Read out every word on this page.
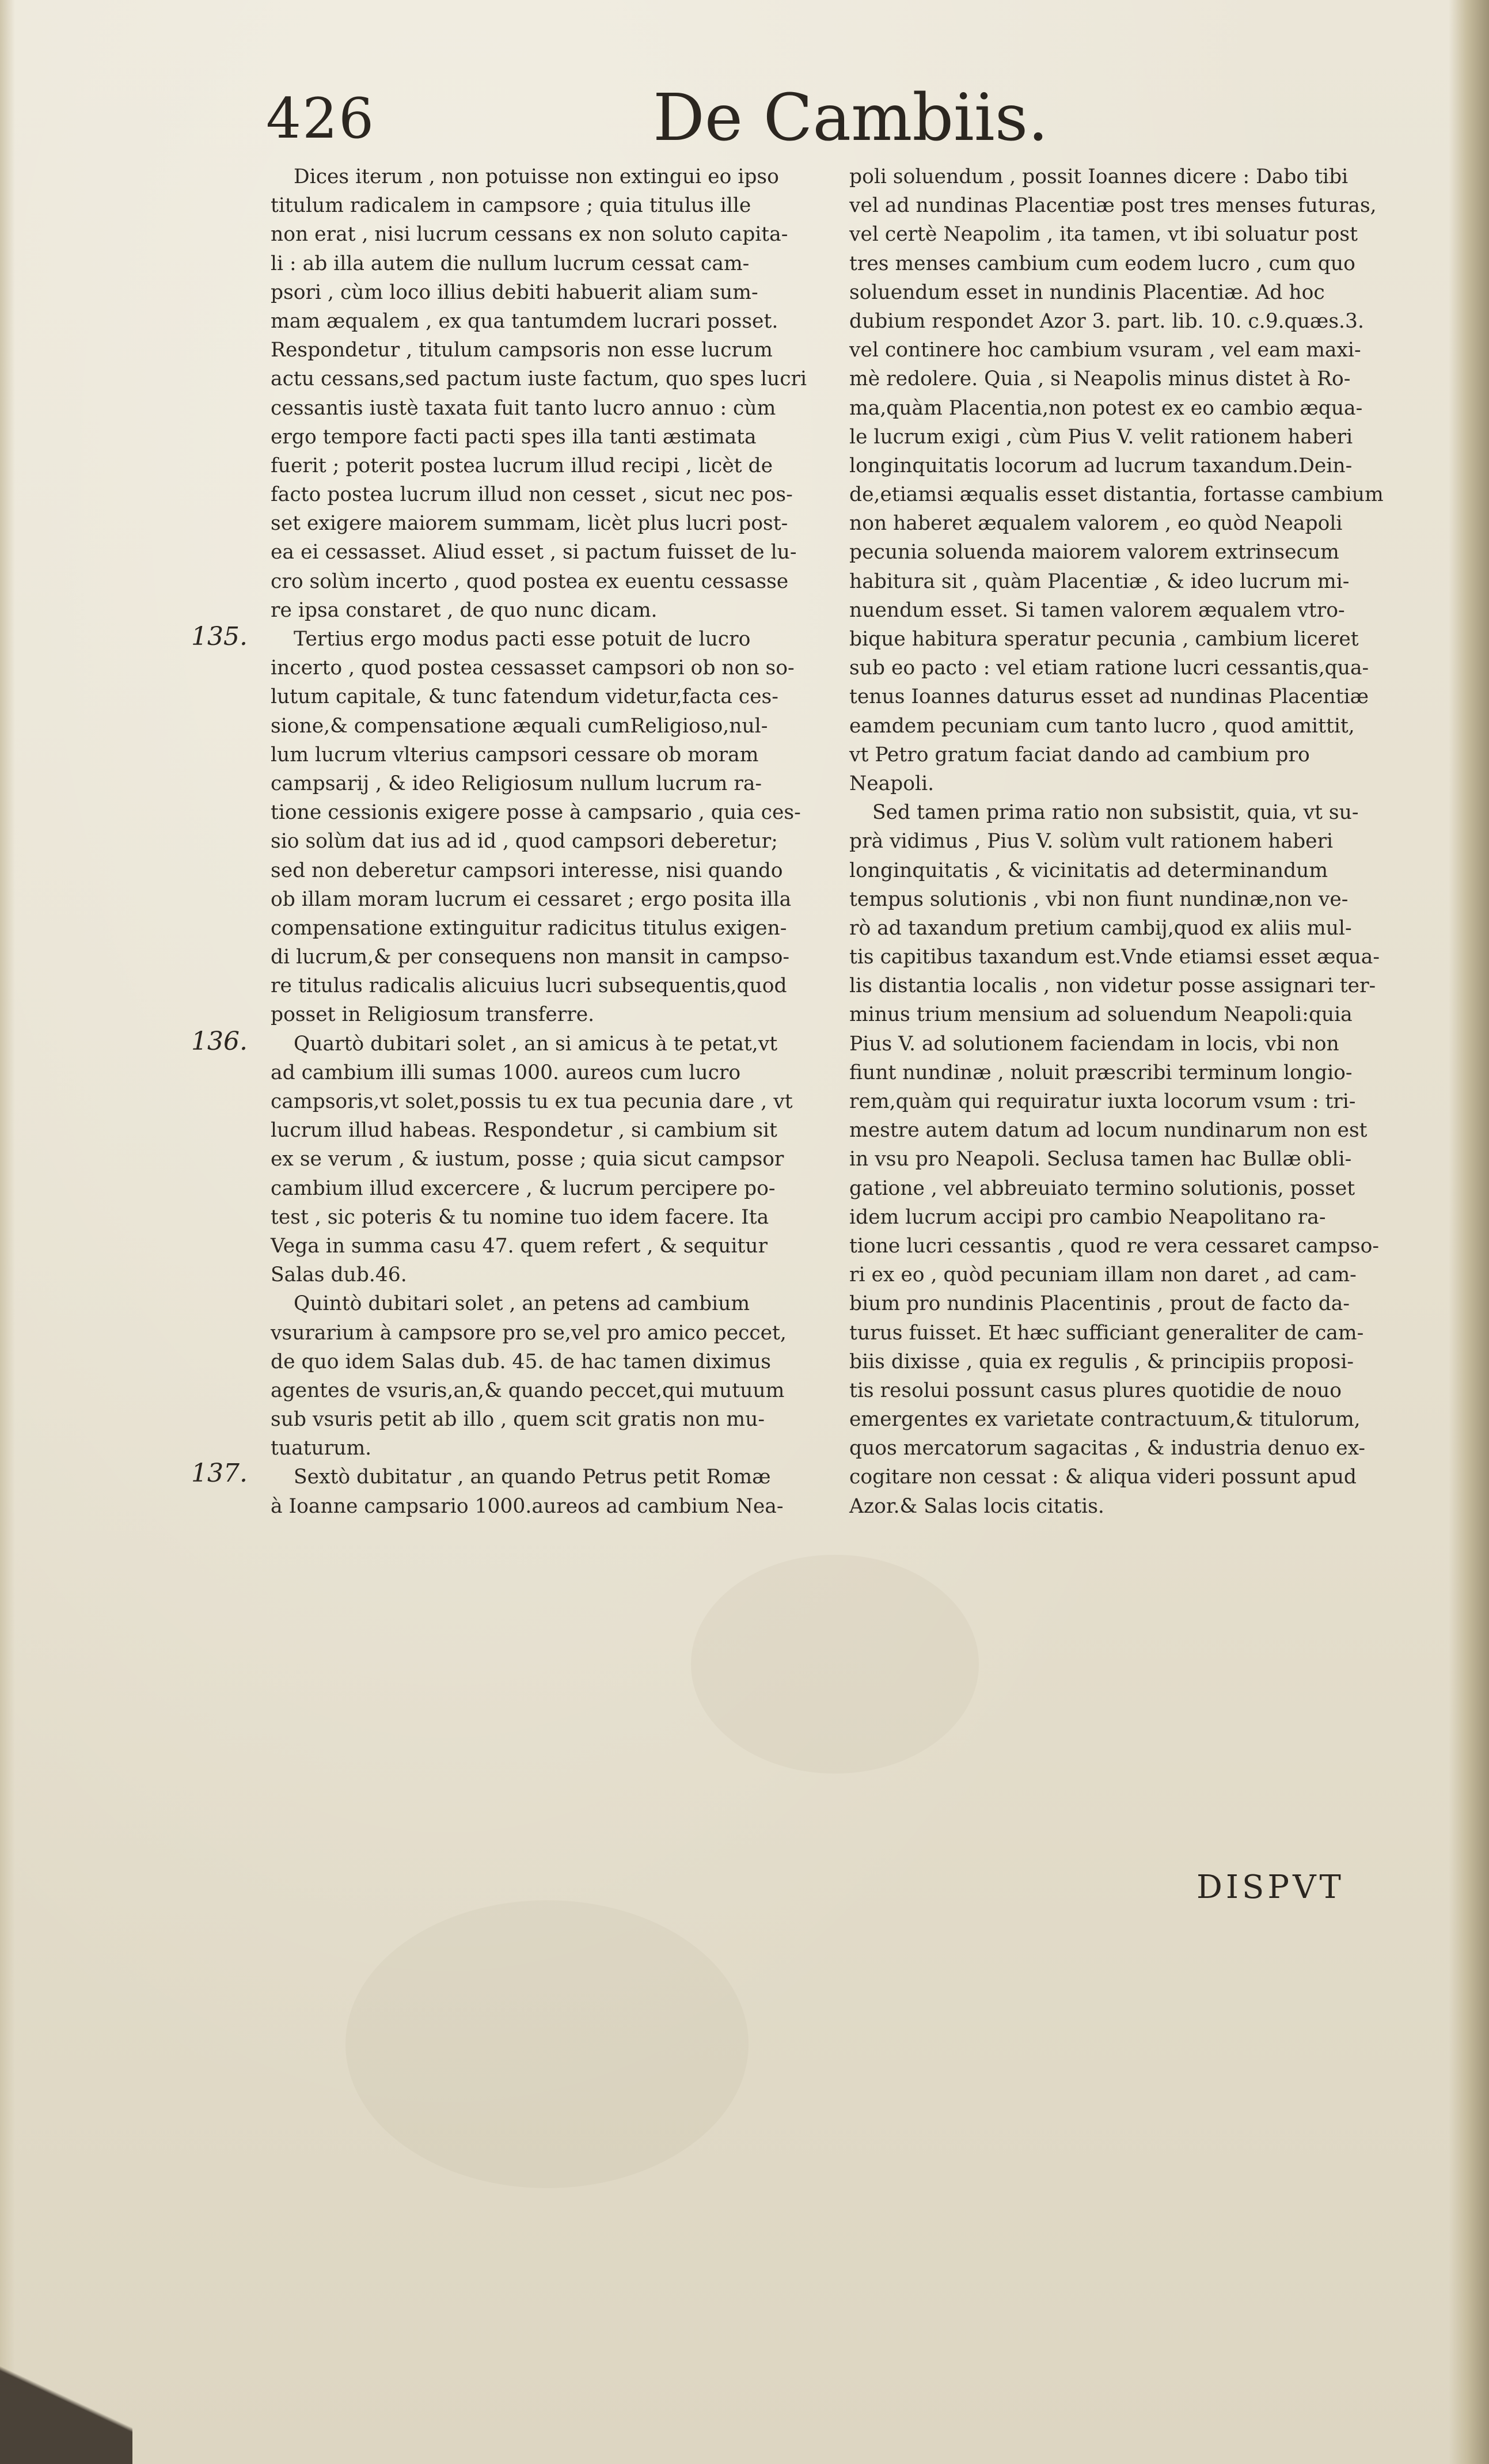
426	De Cambiis.
135.
136.
137.
Dices iterum , non potuisse non extingui eo ipso
titulum radicalem in campsore ; quia titulus ille
non erat , nisi lucrum cessans ex non soluto capita-
li : ab illa autem die nullum lucrum cessat cam-
psori , cùm loco illius debiti habuerit aliam sum-
mam æqualem , ex qua tantumdem lucrari posset.
Respondetur , titulum campsoris non esse lucrum
actu cessans,sed pactum iuste factum, quo spes lucri
cessantis iustè taxata fuit tanto lucro annuo : cùm
ergo tempore facti pacti spes illa tanti æstimata
fuerit ; poterit postea lucrum illud recipi , licèt de
facto postea lucrum illud non cesset , sicut nec pos-
set exigere maiorem summam, licèt plus lucri post-
ea ei cessasset. Aliud esset , si pactum fuisset de lu-
cro solùm incerto , quod postea ex euentu cessasse
re ipsa constaret , de quo nunc dicam.
Tertius ergo modus pacti esse potuit de lucro
incerto , quod postea cessasset campsori ob non so-
lutum capitale, & tunc fatendum videtur,facta ces-
sione,& compensatione æquali cumReligioso,nul-
lum lucrum vlterius campsori cessare ob moram
campsarij , & ideo Religiosum nullum lucrum ra-
tione cessionis exigere posse à campsario , quia ces-
sio solùm dat ius ad id , quod campsori deberetur;
sed non deberetur campsori interesse, nisi quando
ob illam moram lucrum ei cessaret ; ergo posita illa
compensatione extinguitur radicitus titulus exigen-
di lucrum,& per consequens non mansit in campso-
re titulus radicalis alicuius lucri subsequentis,quod
posset in Religiosum transferre.
Quartò dubitari solet , an si amicus à te petat,vt
ad cambium illi sumas 1000. aureos cum lucro
campsoris,vt solet,possis tu ex tua pecunia dare , vt
lucrum illud habeas. Respondetur , si cambium sit
ex se verum , & iustum, posse ; quia sicut campsor
cambium illud excercere , & lucrum percipere po-
test , sic poteris & tu nomine tuo idem facere. Ita
Vega in summa casu 47. quem refert , & sequitur
Salas dub.46.
Quintò dubitari solet , an petens ad cambium
vsurarium à campsore pro se,vel pro amico peccet,
de quo idem Salas dub. 45. de hac tamen diximus
agentes de vsuris,an,& quando peccet,qui mutuum
sub vsuris petit ab illo , quem scit gratis non mu-
tuaturum.
Sextò dubitatur , an quando Petrus petit Romæ
à Ioanne campsario 1000.aureos ad cambium Nea-
poli soluendum , possit Ioannes dicere : Dabo tibi
vel ad nundinas Placentiæ post tres menses futuras,
vel certè Neapolim , ita tamen, vt ibi soluatur post
tres menses cambium cum eodem lucro , cum quo
soluendum esset in nundinis Placentiæ. Ad hoc
dubium respondet Azor 3. part. lib. 10. c.9.quæs.3.
vel continere hoc cambium vsuram , vel eam maxi-
mè redolere. Quia , si Neapolis minus distet à Ro-
ma,quàm Placentia,non potest ex eo cambio æqua-
le lucrum exigi , cùm Pius V. velit rationem haberi
longinquitatis locorum ad lucrum taxandum.Dein-
de,etiamsi æqualis esset distantia, fortasse cambium
non haberet æqualem valorem , eo quòd Neapoli
pecunia soluenda maiorem valorem extrinsecum
habitura sit , quàm Placentiæ , & ideo lucrum mi-
nuendum esset. Si tamen valorem æqualem vtro-
bique habitura speratur pecunia , cambium liceret
sub eo pacto : vel etiam ratione lucri cessantis,qua-
tenus Ioannes daturus esset ad nundinas Placentiæ
eamdem pecuniam cum tanto lucro , quod amittit,
vt Petro gratum faciat dando ad cambium pro
Neapoli.
Sed tamen prima ratio non subsistit, quia, vt su-
prà vidimus , Pius V. solùm vult rationem haberi
longinquitatis , & vicinitatis ad determinandum
tempus solutionis , vbi non fiunt nundinæ,non ve-
rò ad taxandum pretium cambij,quod ex aliis mul-
tis capitibus taxandum est.Vnde etiamsi esset æqua-
lis distantia localis , non videtur posse assignari ter-
minus trium mensium ad soluendum Neapoli:quia
Pius V. ad solutionem faciendam in locis, vbi non
fiunt nundinæ , noluit præscribi terminum longio-
rem,quàm qui requiratur iuxta locorum vsum : tri-
mestre autem datum ad locum nundinarum non est
in vsu pro Neapoli. Seclusa tamen hac Bullæ obli-
gatione , vel abbreuiato termino solutionis, posset
idem lucrum accipi pro cambio Neapolitano ra-
tione lucri cessantis , quod re vera cessaret campso-
ri ex eo , quòd pecuniam illam non daret , ad cam-
bium pro nundinis Placentinis , prout de facto da-
turus fuisset. Et hæc sufficiant generaliter de cam-
biis dixisse , quia ex regulis , & principiis proposi-
tis resolui possunt casus plures quotidie de nouo
emergentes ex varietate contractuum,& titulorum,
quos mercatorum sagacitas , & industria denuo ex-
cogitare non cessat : & aliqua videri possunt apud
Azor.& Salas locis citatis.
DISPVT
